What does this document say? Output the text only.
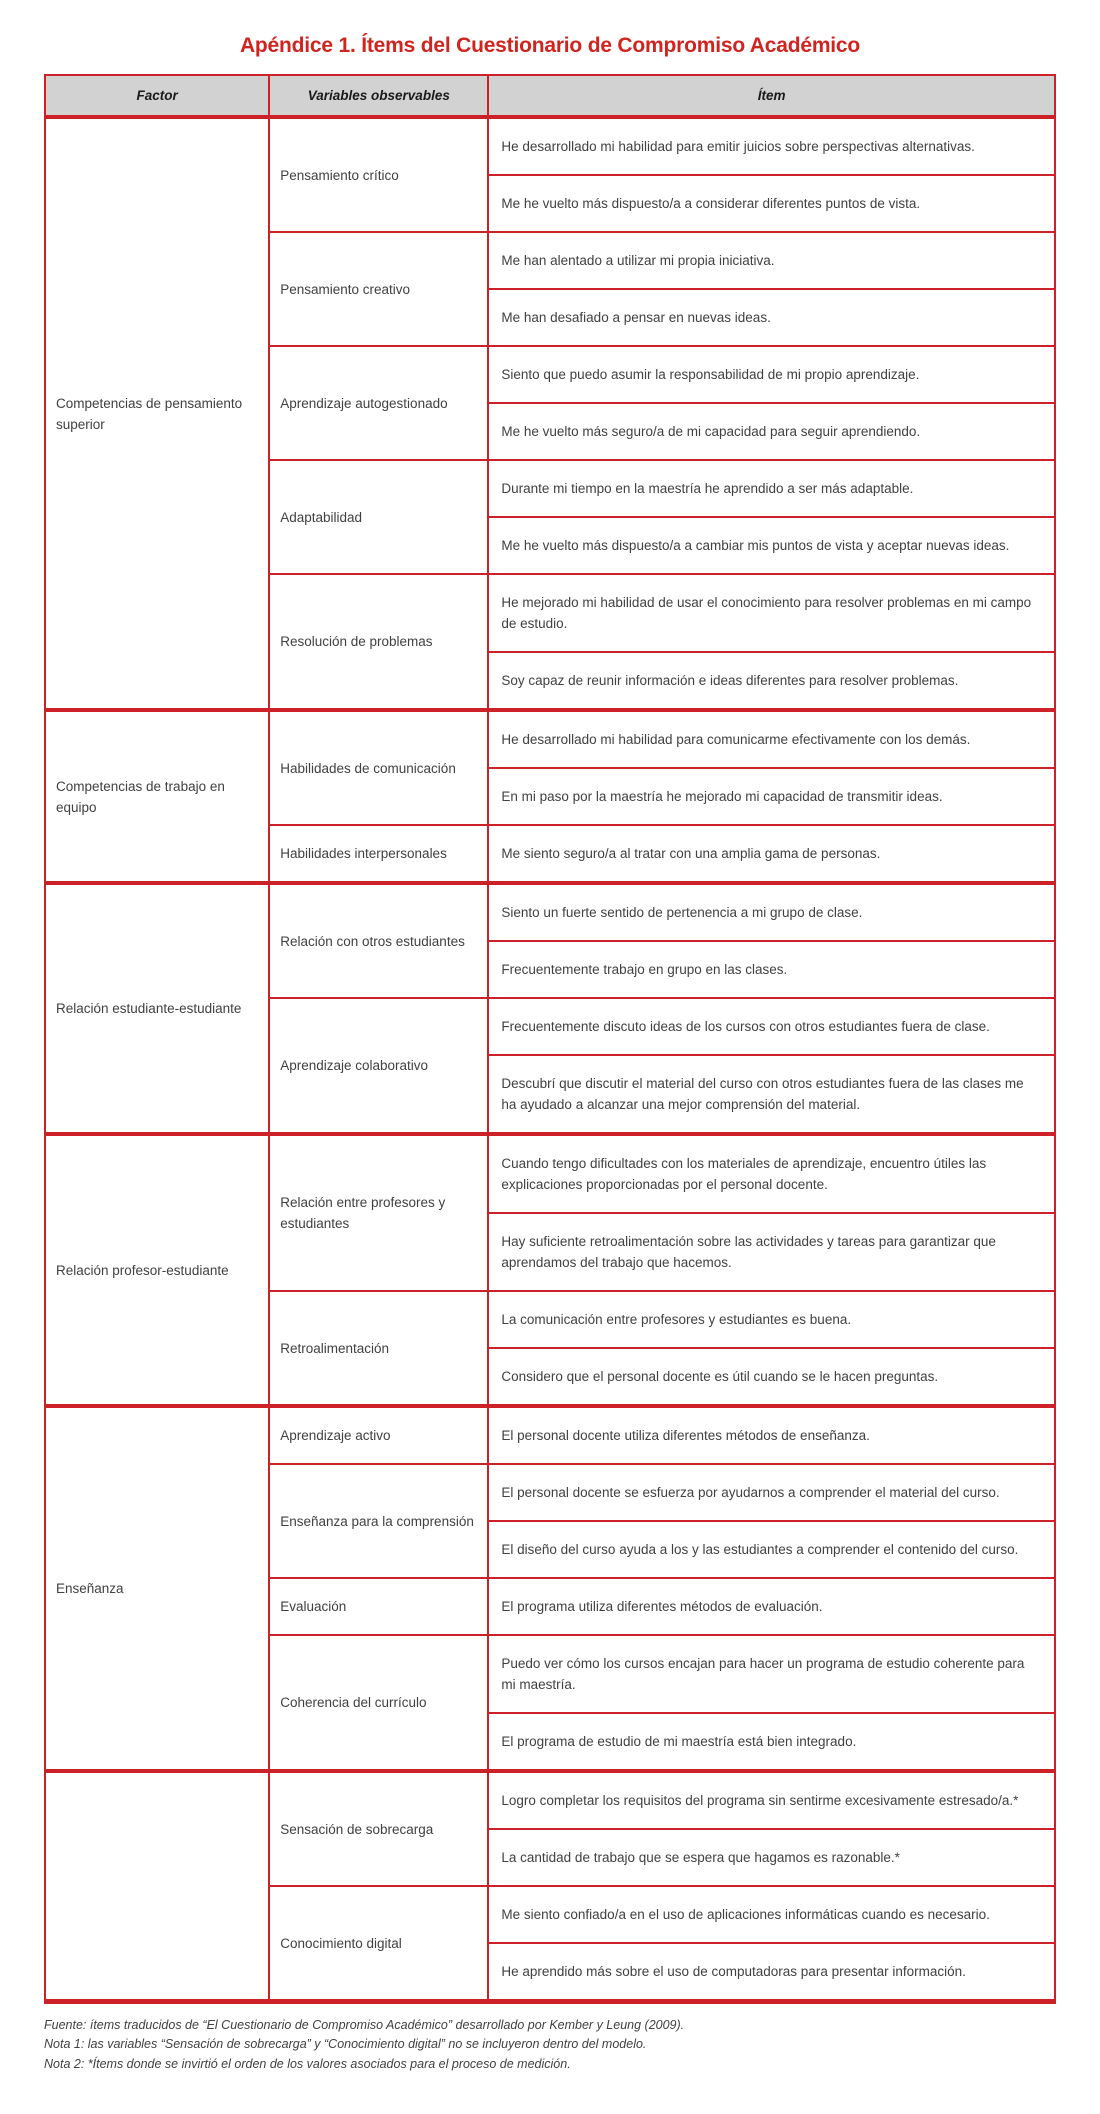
Apéndice 1. Ítems del Cuestionario de Compromiso Académico
Factor	Variables observables	Ítem
Competencias de pensamiento superior	Pensamiento crítico	He desarrollado mi habilidad para emitir juicios sobre perspectivas alternativas.
		Me he vuelto más dispuesto/a a considerar diferentes puntos de vista.
	Pensamiento creativo	Me han alentado a utilizar mi propia iniciativa.
		Me han desafiado a pensar en nuevas ideas.
	Aprendizaje autogestionado	Siento que puedo asumir la responsabilidad de mi propio aprendizaje.
		Me he vuelto más seguro/a de mi capacidad para seguir aprendiendo.
	Adaptabilidad	Durante mi tiempo en la maestría he aprendido a ser más adaptable.
		Me he vuelto más dispuesto/a a cambiar mis puntos de vista y aceptar nuevas ideas.
	Resolución de problemas	He mejorado mi habilidad de usar el conocimiento para resolver problemas en mi campo de estudio.
		Soy capaz de reunir información e ideas diferentes para resolver problemas.
Competencias de trabajo en equipo	Habilidades de comunicación	He desarrollado mi habilidad para comunicarme efectivamente con los demás.
		En mi paso por la maestría he mejorado mi capacidad de transmitir ideas.
	Habilidades interpersonales	Me siento seguro/a al tratar con una amplia gama de personas.
Relación estudiante-estudiante	Relación con otros estudiantes	Siento un fuerte sentido de pertenencia a mi grupo de clase.
		Frecuentemente trabajo en grupo en las clases.
	Aprendizaje colaborativo	Frecuentemente discuto ideas de los cursos con otros estudiantes fuera de clase.
		Descubrí que discutir el material del curso con otros estudiantes fuera de las clases me ha ayudado a alcanzar una mejor comprensión del material.
Relación profesor-estudiante	Relación entre profesores y estudiantes	Cuando tengo dificultades con los materiales de aprendizaje, encuentro útiles las explicaciones proporcionadas por el personal docente.
		Hay suficiente retroalimentación sobre las actividades y tareas para garantizar que aprendamos del trabajo que hacemos.
	Retroalimentación	La comunicación entre profesores y estudiantes es buena.
		Considero que el personal docente es útil cuando se le hacen preguntas.
Enseñanza	Aprendizaje activo	El personal docente utiliza diferentes métodos de enseñanza.
	Enseñanza para la comprensión	El personal docente se esfuerza por ayudarnos a comprender el material del curso.
		El diseño del curso ayuda a los y las estudiantes a comprender el contenido del curso.
	Evaluación	El programa utiliza diferentes métodos de evaluación.
	Coherencia del currículo	Puedo ver cómo los cursos encajan para hacer un programa de estudio coherente para mi maestría.
		El programa de estudio de mi maestría está bien integrado.
	Sensación de sobrecarga	Logro completar los requisitos del programa sin sentirme excesivamente estresado/a.*
		La cantidad de trabajo que se espera que hagamos es razonable.*
	Conocimiento digital	Me siento confiado/a en el uso de aplicaciones informáticas cuando es necesario.
		He aprendido más sobre el uso de computadoras para presentar información.

Fuente: ítems traducidos de “El Cuestionario de Compromiso Académico” desarrollado por Kember y Leung (2009).

Nota 1: las variables “Sensación de sobrecarga” y “Conocimiento digital” no se incluyeron dentro del modelo.

Nota 2: *Ítems donde se invirtió el orden de los valores asociados para el proceso de medición.
